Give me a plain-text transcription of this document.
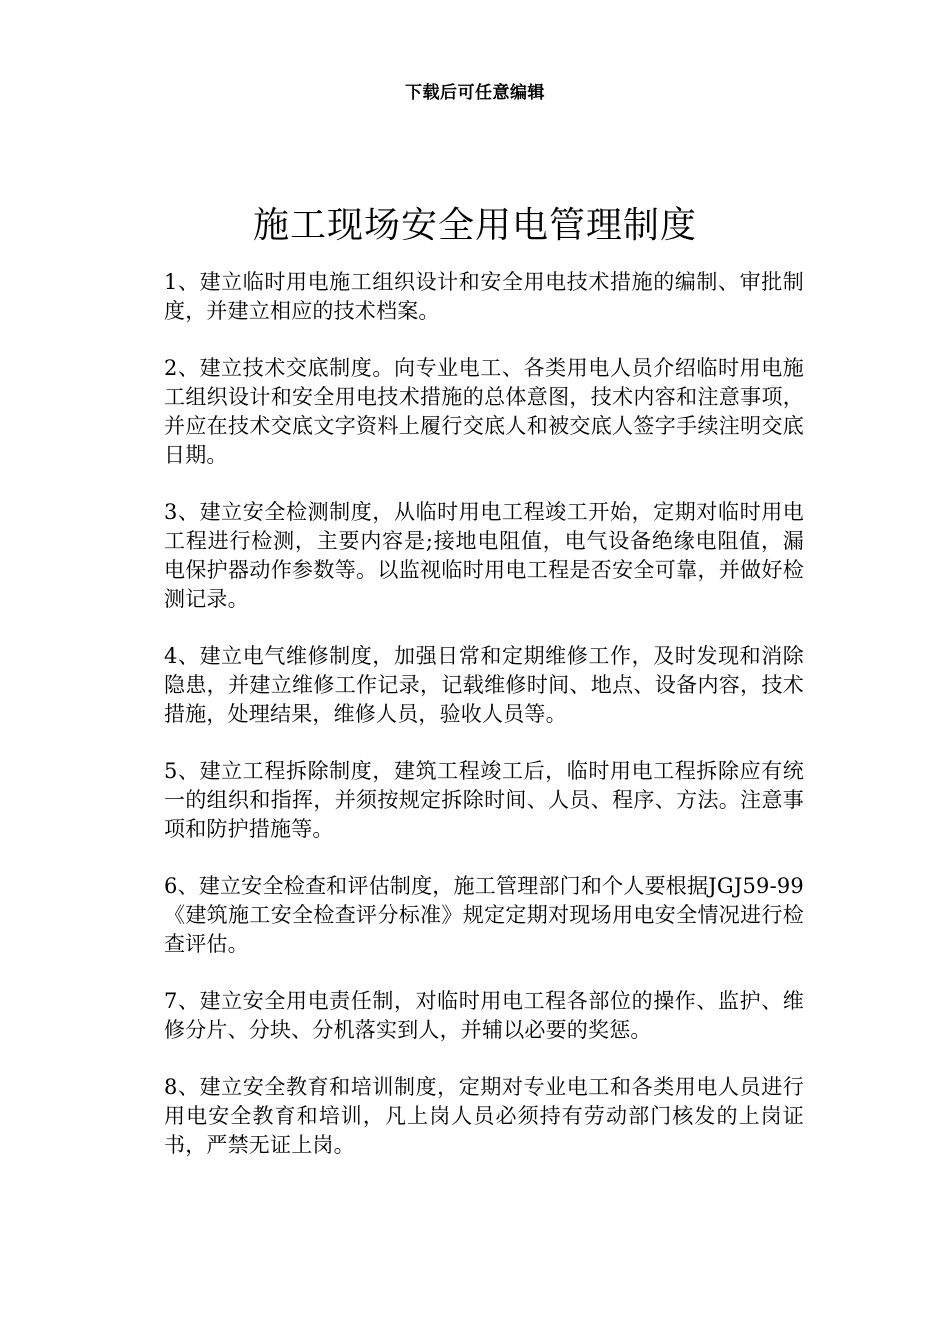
下载后可任意编辑
施工现场安全用电管理制度
1、建立临时用电施工组织设计和安全用电技术措施的编制、审批制度，并建立相应的技术档案。
2、建立技术交底制度。向专业电工、各类用电人员介绍临时用电施工组织设计和安全用电技术措施的总体意图，技术内容和注意事项，并应在技术交底文字资料上履行交底人和被交底人签字手续注明交底日期。
3、建立安全检测制度，从临时用电工程竣工开始，定期对临时用电工程进行检测，主要内容是;接地电阻值，电气设备绝缘电阻值，漏电保护器动作参数等。以监视临时用电工程是否安全可靠，并做好检测记录。
4、建立电气维修制度，加强日常和定期维修工作，及时发现和消除隐患，并建立维修工作记录，记载维修时间、地点、设备内容，技术措施，处理结果，维修人员，验收人员等。
5、建立工程拆除制度，建筑工程竣工后，临时用电工程拆除应有统一的组织和指挥，并须按规定拆除时间、人员、程序、方法。注意事项和防护措施等。
6、建立安全检查和评估制度，施工管理部门和个人要根据JGJ59-99《建筑施工安全检查评分标准》规定定期对现场用电安全情况进行检查评估。
7、建立安全用电责任制，对临时用电工程各部位的操作、监护、维修分片、分块、分机落实到人，并辅以必要的奖惩。
8、建立安全教育和培训制度，定期对专业电工和各类用电人员进行用电安全教育和培训，凡上岗人员必须持有劳动部门核发的上岗证书，严禁无证上岗。
